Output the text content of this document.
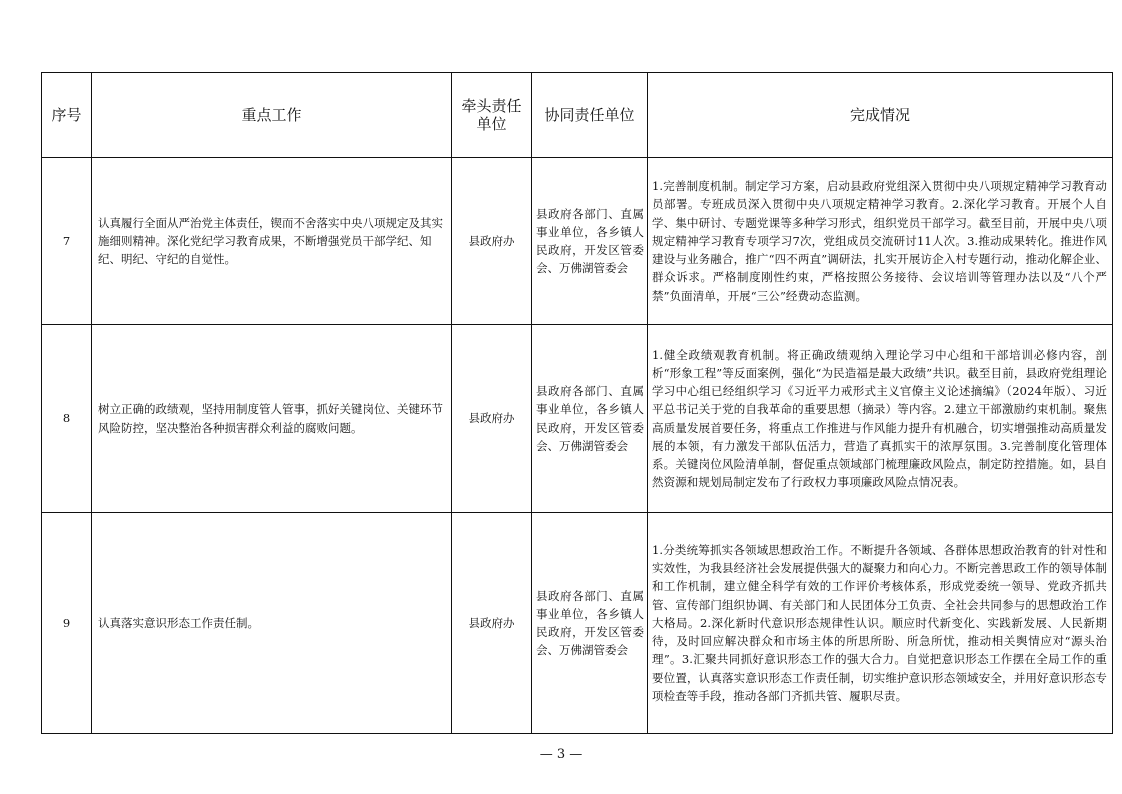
序号	重点工作	牵头责任单位	协同责任单位	完成情况
7	认真履行全面从严治党主体责任，锲而不舍落实中央八项规定及其实施细则精神。深化党纪学习教育成果，不断增强党员干部学纪、知纪、明纪、守纪的自觉性。	县政府办	县政府各部门、直属事业单位，各乡镇人民政府，开发区管委会、万佛湖管委会	1.完善制度机制。制定学习方案，启动县政府党组深入贯彻中央八项规定精神学习教育动员部署。专班成员深入贯彻中央八项规定精神学习教育。2.深化学习教育。开展个人自学、集中研讨、专题党课等多种学习形式，组织党员干部学习。截至目前，开展中央八项规定精神学习教育专项学习7次，党组成员交流研讨11人次。3.推动成果转化。推进作风建设与业务融合，推广“四不两直”调研法，扎实开展访企入村专题行动，推动化解企业、群众诉求。严格制度刚性约束，严格按照公务接待、会议培训等管理办法以及“八个严禁”负面清单，开展“三公”经费动态监测。
8	树立正确的政绩观，坚持用制度管人管事，抓好关键岗位、关键环节风险防控，坚决整治各种损害群众利益的腐败问题。	县政府办	县政府各部门、直属事业单位，各乡镇人民政府，开发区管委会、万佛湖管委会	1.健全政绩观教育机制。将正确政绩观纳入理论学习中心组和干部培训必修内容，剖析“形象工程”等反面案例，强化“为民造福是最大政绩”共识。截至目前，县政府党组理论学习中心组已经组织学习《习近平力戒形式主义官僚主义论述摘编》（2024年版）、习近平总书记关于党的自我革命的重要思想（摘录）等内容。2.建立干部激励约束机制。聚焦高质量发展首要任务，将重点工作推进与作风能力提升有机融合，切实增强推动高质量发展的本领，有力激发干部队伍活力，营造了真抓实干的浓厚氛围。3.完善制度化管理体系。关键岗位风险清单制，督促重点领域部门梳理廉政风险点，制定防控措施。如，县自然资源和规划局制定发布了行政权力事项廉政风险点情况表。
9	认真落实意识形态工作责任制。	县政府办	县政府各部门、直属事业单位，各乡镇人民政府，开发区管委会、万佛湖管委会	1.分类统筹抓实各领域思想政治工作。不断提升各领域、各群体思想政治教育的针对性和实效性，为我县经济社会发展提供强大的凝聚力和向心力。不断完善思政工作的领导体制和工作机制，建立健全科学有效的工作评价考核体系，形成党委统一领导、党政齐抓共管、宣传部门组织协调、有关部门和人民团体分工负责、全社会共同参与的思想政治工作大格局。2.深化新时代意识形态规律性认识。顺应时代新变化、实践新发展、人民新期待，及时回应解决群众和市场主体的所思所盼、所急所忧，推动相关舆情应对“源头治理”。3.汇聚共同抓好意识形态工作的强大合力。自觉把意识形态工作摆在全局工作的重要位置，认真落实意识形态工作责任制，切实维护意识形态领域安全，并用好意识形态专项检查等手段，推动各部门齐抓共管、履职尽责。
— 3 —
